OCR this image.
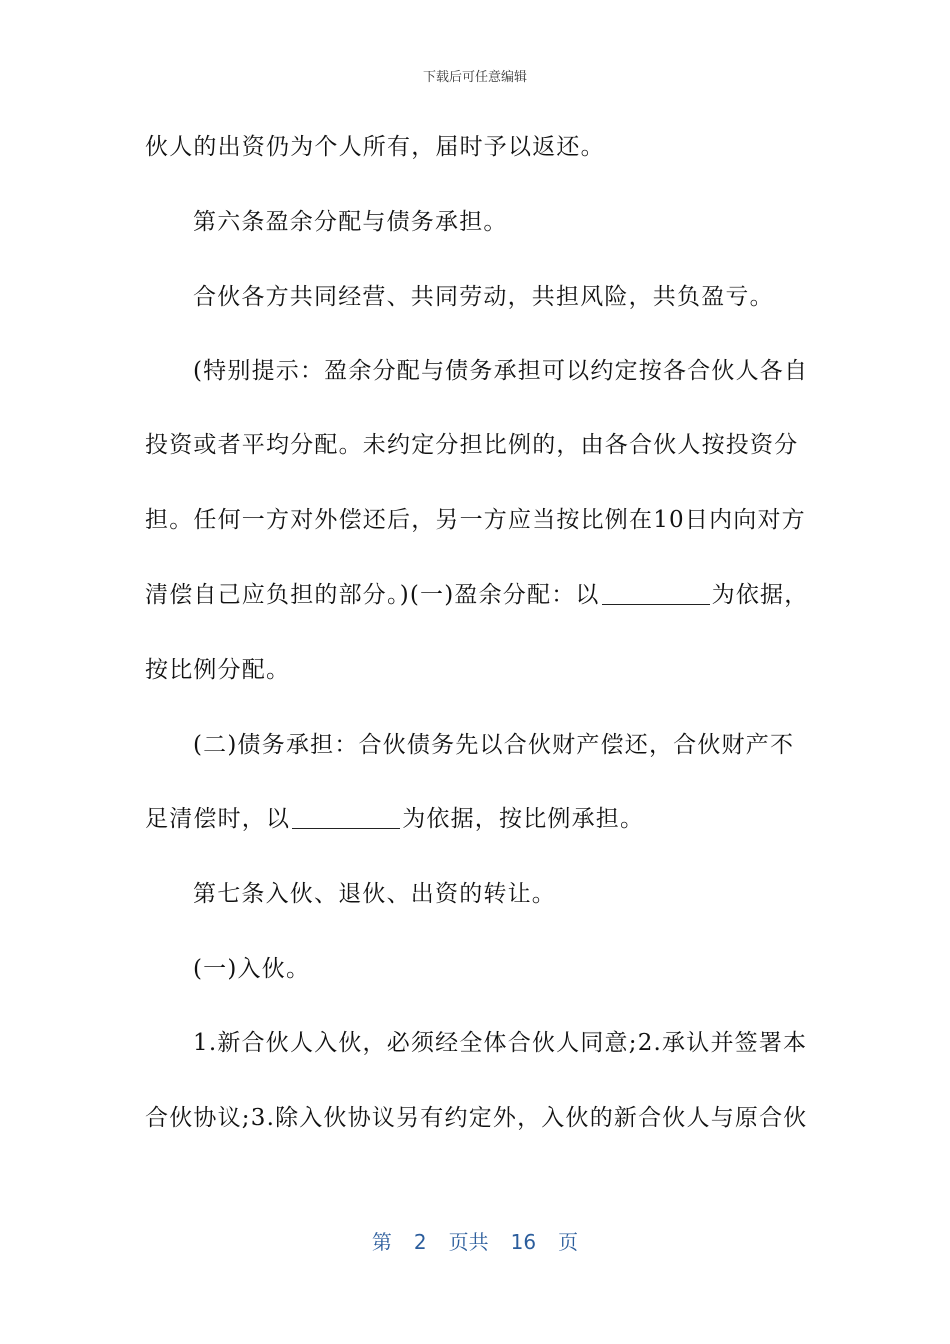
下载后可任意编辑
伙人的出资仍为个人所有，届时予以返还。
第六条盈余分配与债务承担。
合伙各方共同经营、共同劳动，共担风险，共负盈亏。
(特别提示：盈余分配与债务承担可以约定按各合伙人各自
投资或者平均分配。未约定分担比例的，由各合伙人按投资分
担。任何一方对外偿还后，另一方应当按比例在10日内向对方
清偿自己应负担的部分。)(一)盈余分配：以	为依据，
按比例分配。
(二)债务承担：合伙债务先以合伙财产偿还，合伙财产不
足清偿时，以	为依据，按比例承担。
第七条入伙、退伙、出资的转让。
(一)入伙。
1.新合伙人入伙，必须经全体合伙人同意;2.承认并签署本
合伙协议;3.除入伙协议另有约定外，入伙的新合伙人与原合伙
第 2 页共 16 页
